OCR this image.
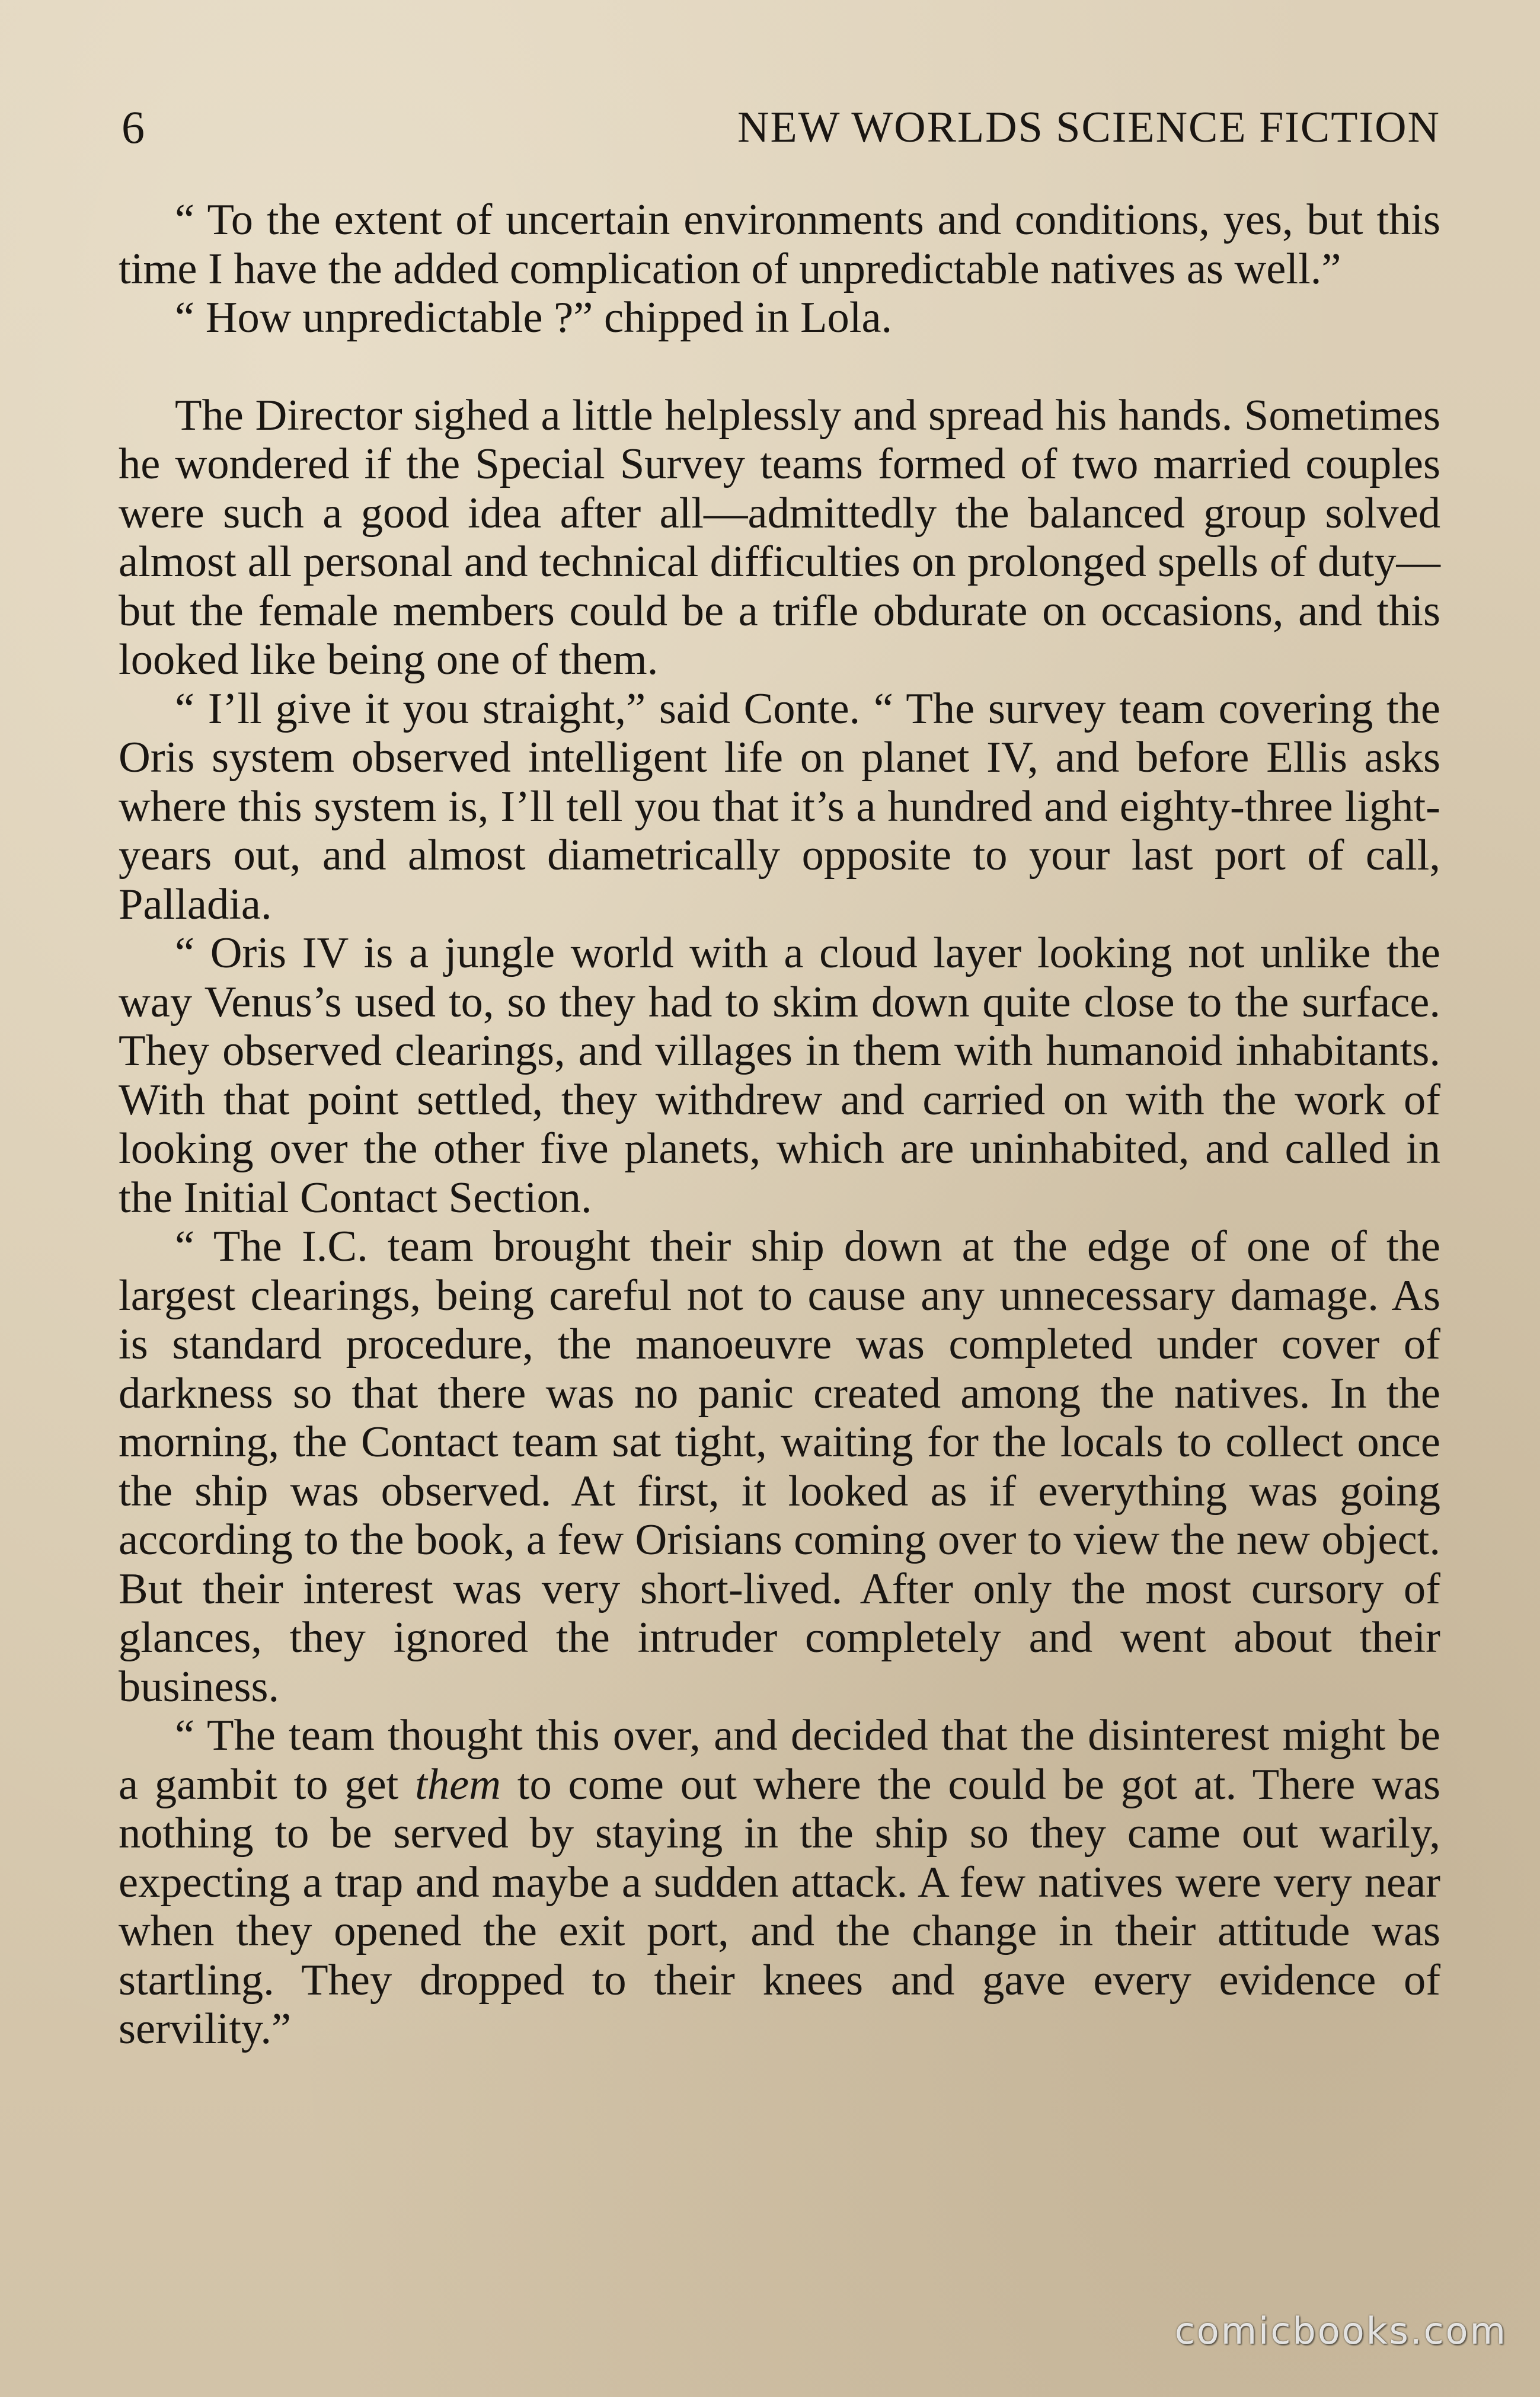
6	NEW WORLDS SCIENCE FICTION

“ To the extent of uncertain environments and conditions, yes, but this time I have the added complication of unpredictable natives as well.”

“ How unpredictable ?” chipped in Lola.

The Director sighed a little helplessly and spread his hands. Sometimes he wondered if the Special Survey teams formed of two married couples were such a good idea after all—admittedly the balanced group solved almost all personal and technical difficulties on prolonged spells of duty—but the female members could be a trifle obdurate on occasions, and this looked like being one of them.

“ I’ll give it you straight,” said Conte. “ The survey team covering the Oris system observed intelligent life on planet IV, and before Ellis asks where this system is, I’ll tell you that it’s a hundred and eighty-three light-years out, and almost diametrically opposite to your last port of call, Palladia.

“ Oris IV is a jungle world with a cloud layer looking not unlike the way Venus’s used to, so they had to skim down quite close to the surface. They observed clearings, and villages in them with humanoid inhabitants. With that point settled, they withdrew and carried on with the work of looking over the other five planets, which are uninhabited, and called in the Initial Contact Section.

“ The I.C. team brought their ship down at the edge of one of the largest clearings, being careful not to cause any unnecessary damage. As is standard procedure, the manoeuvre was completed under cover of darkness so that there was no panic created among the natives. In the morning, the Contact team sat tight, waiting for the locals to collect once the ship was observed. At first, it looked as if everything was going according to the book, a few Orisians coming over to view the new object. But their interest was very short-lived. After only the most cursory of glances, they ignored the intruder completely and went about their business.

“ The team thought this over, and decided that the disinterest might be a gambit to get them to come out where the could be got at. There was nothing to be served by staying in the ship so they came out warily, expecting a trap and maybe a sudden attack. A few natives were very near when they opened the exit port, and the change in their attitude was startling. They dropped to their knees and gave every evidence of servility.”

comicbooks.com
